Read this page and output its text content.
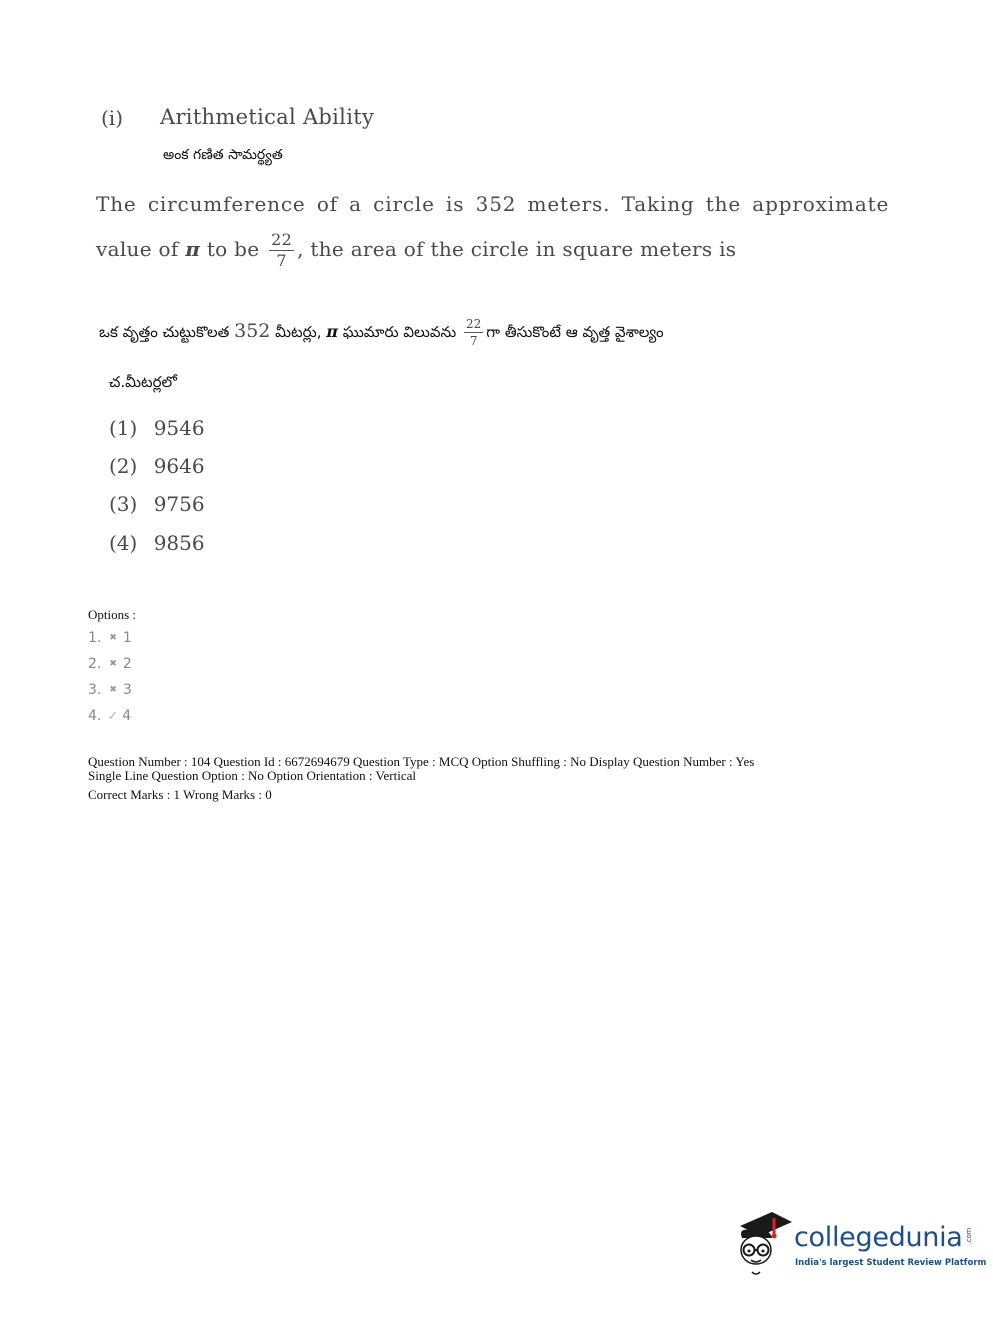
(i) Arithmetical Ability
అంక గణిత సామర్థ్యత
The circumference of a circle is 352 meters. Taking the approximate
value of π to be $\frac{22}{7}$ , the area of the circle in square meters is
ఒక వృత్తం చుట్టుకొలత 352 మీటర్లు, π ఘుమారు విలువను $\frac{22}{7}$ గా తీసుకొంటే ఆ వృత్త వైశాల్యం
చ.మీటర్లలో
(1) 9546
(2) 9646
(3) 9756
(4) 9856
Options :
1. ✖ 1
2. ✖ 2
3. ✖ 3
4. ✓ 4
Question Number : 104 Question Id : 6672694679 Question Type : MCQ Option Shuffling : No Display Question Number : Yes
Single Line Question Option : No Option Orientation : Vertical
Correct Marks : 1 Wrong Marks : 0
collegedunia .com
India's largest Student Review Platform
